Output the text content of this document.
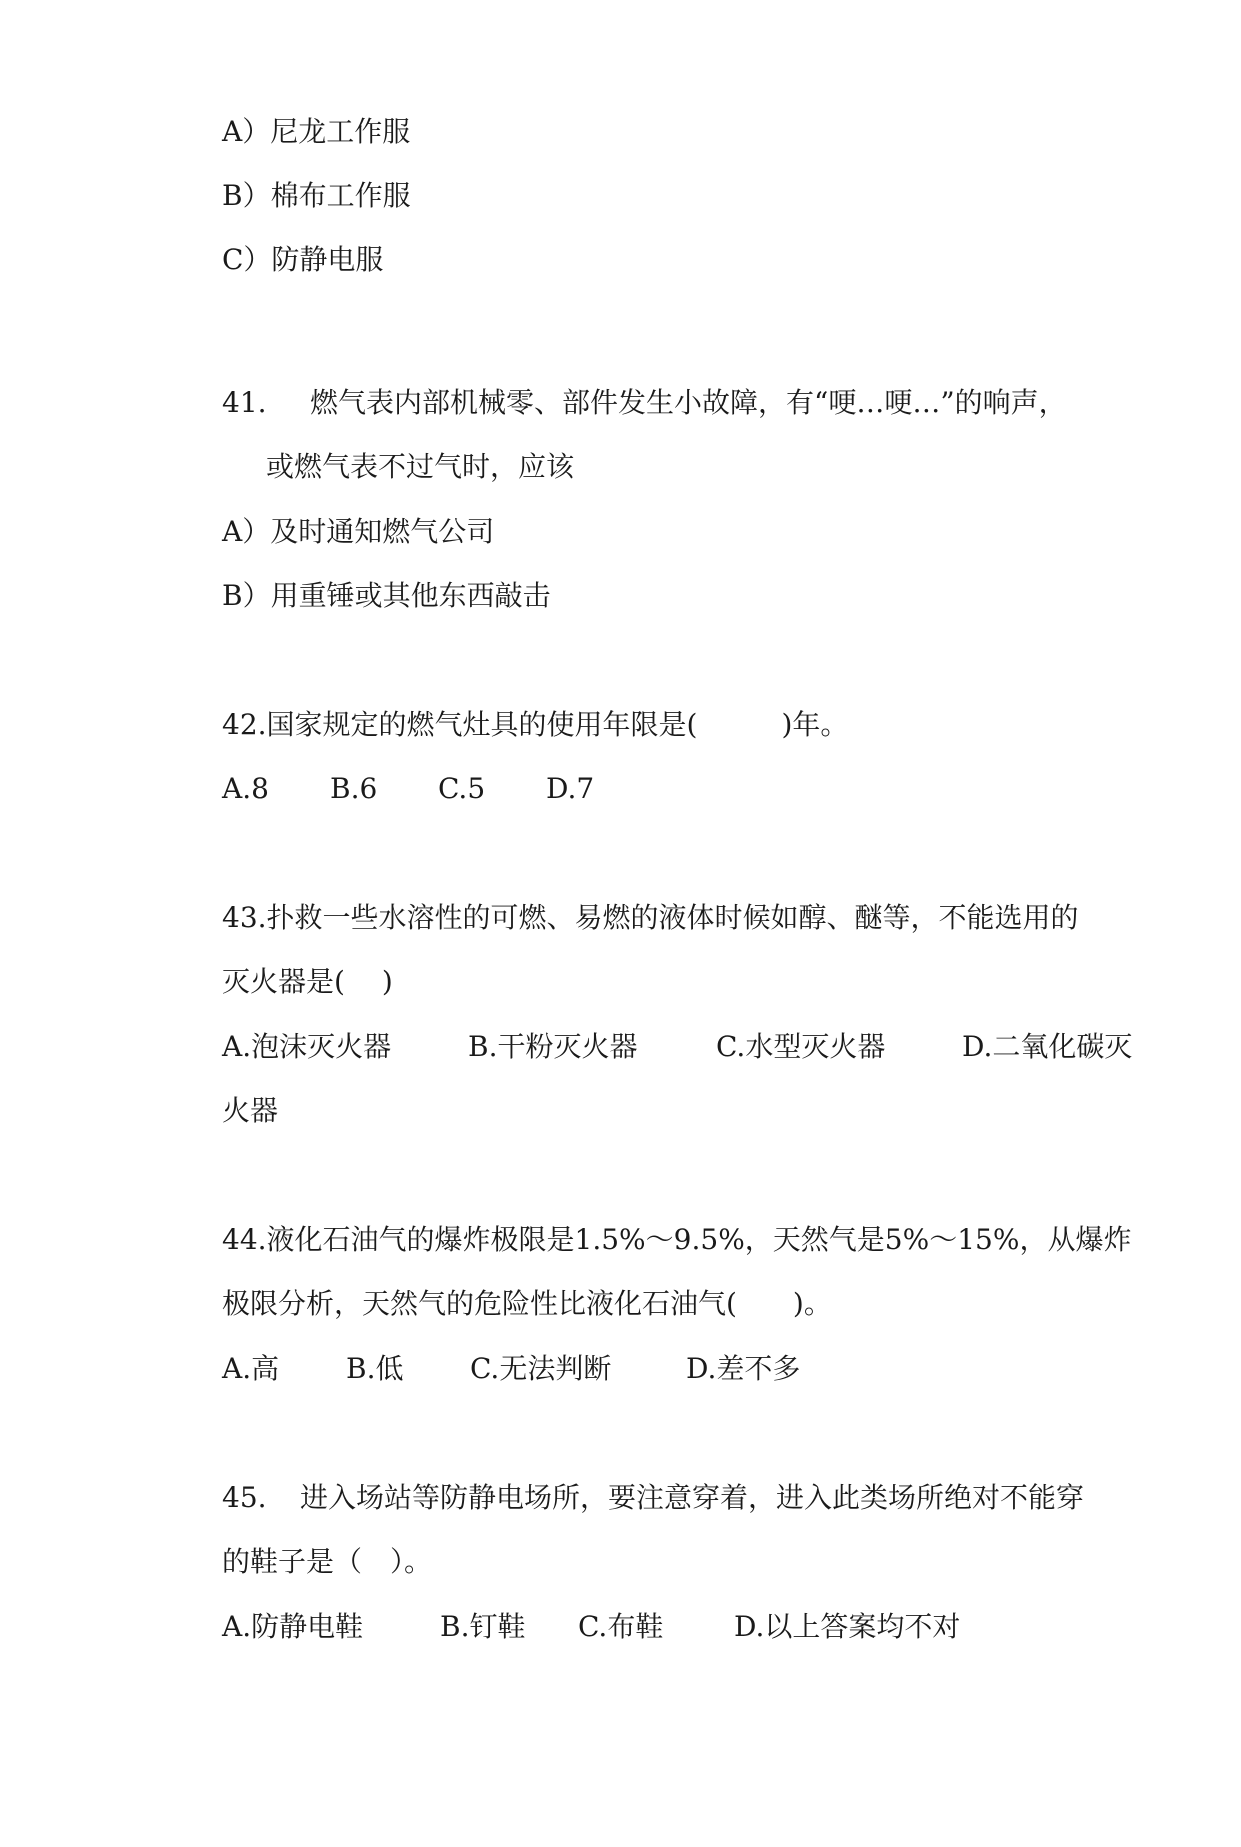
A）尼龙工作服
B）棉布工作服
C）防静电服
41. 燃气表内部机械零、部件发生小故障，有“哽…哽…”的响声，
或燃气表不过气时，应该
A）及时通知燃气公司
B）用重锤或其他东西敲击
42.国家规定的燃气灶具的使用年限是(　　　)年。

A.8

B.6

C.5

D.7

43.扑救一些水溶性的可燃、易燃的液体时候如醇、醚等，不能选用的
灭火器是(　 )

A.泡沫灭火器

	B.干粉灭火器

	C.水型灭火器

	D.二氧化碳灭

火器
44.液化石油气的爆炸极限是1.5%～9.5%，天然气是5%～15%，从爆炸
极限分析，天然气的危险性比液化石油气(　　)。

A.高

B.低

C.无法判断

	D.差不多

45. 进入场站等防静电场所，要注意穿着，进入此类场所绝对不能穿
的鞋子是（　）。

A.防静电鞋

	B.钉鞋

C.布鞋

	D.以上答案均不对
